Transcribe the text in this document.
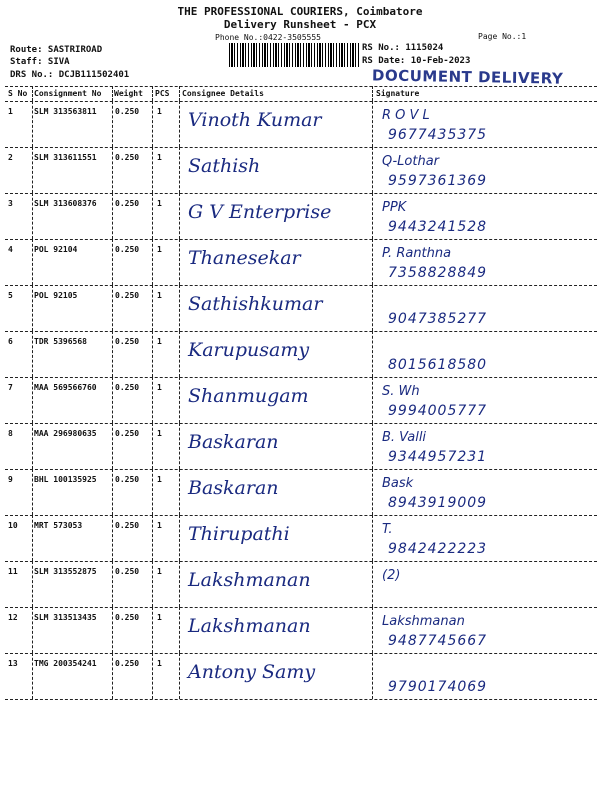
THE PROFESSIONAL COURIERS, Coimbatore
Delivery Runsheet - PCX
Phone No.:0422-3505555	Page No.:1
Route: SASTRIROAD
Staff: SIVA
DRS No.: DCJB111502401
RS No.: 1115024
RS Date: 10-Feb-2023
DOCUMENT DELIVERY
S No Consignment No Weight PCS Consignee Details	Signature
1	SLM 313563811 0.250 1 Vinoth Kumar	R O V L
9677435375
2	SLM 313611551 0.250 1 Sathish	Q-Lothar
9597361369
3	SLM 313608376 0.250 1 G V Enterprise	PPK
9443241528
4	POL 92104	0.250 1 Thanesekar	P. Ranthna
7358828849
5	POL 92105	0.250 1 Sathishkumar
9047385277
6	TDR 5396568	0.250 1 Karupusamy
8015618580
7	MAA 569566760 0.250 1 Shanmugam	S. Wh
9994005777
8	MAA 296980635 0.250 1 Baskaran	B. Valli
9344957231
9	BHL 100135925 0.250 1 Baskaran	Bask
8943919009
10 MRT 573053	0.250 1 Thirupathi	T.
9842422223
11 SLM 313552875 0.250 1 Lakshmanan	(2)
12 SLM 313513435 0.250 1 Lakshmanan	Lakshmanan
9487745667
13 TMG 200354241 0.250 1 Antony Samy
9790174069
